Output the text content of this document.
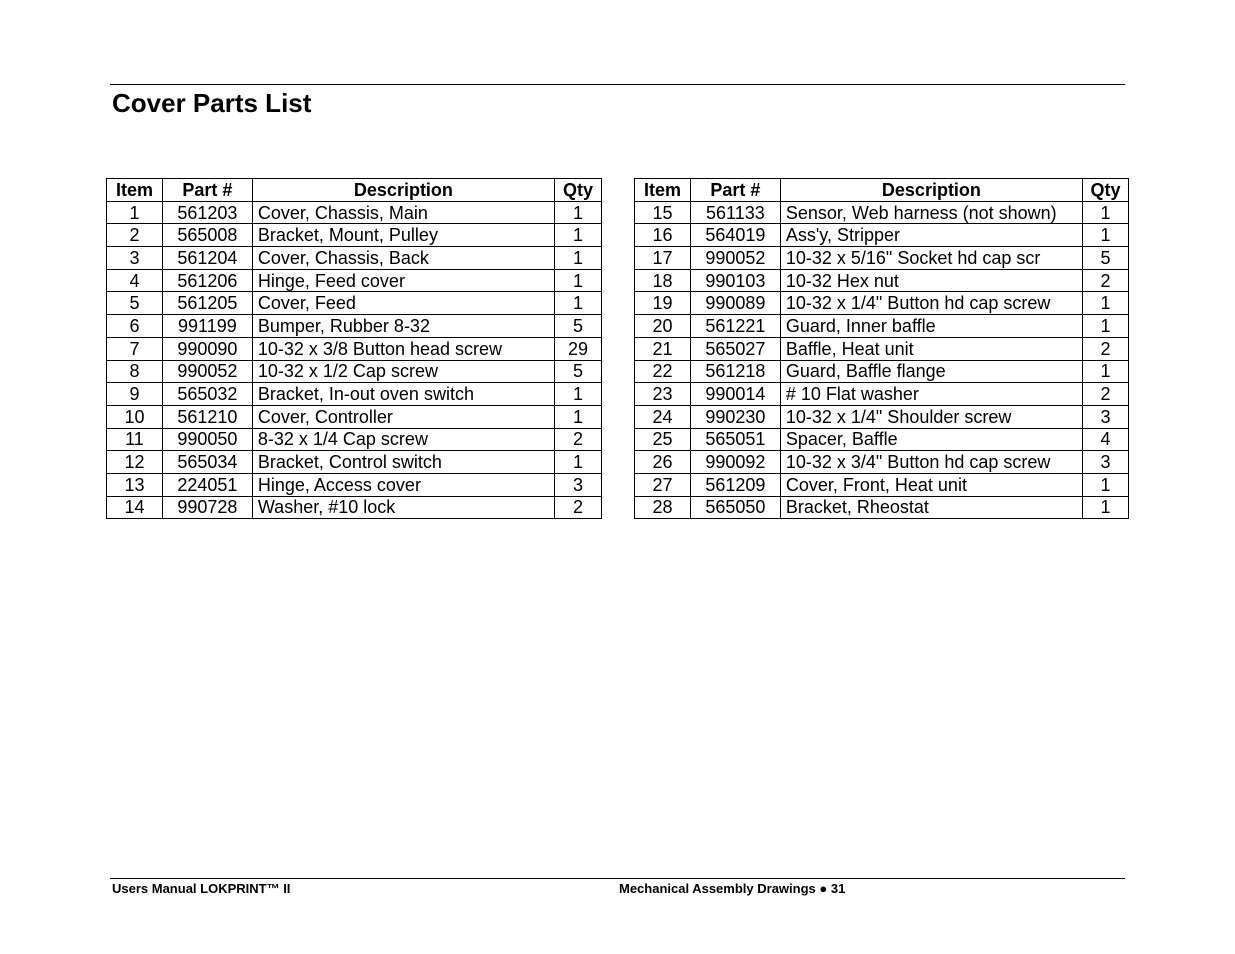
Cover Parts List
Item	Part #	Description	Qty
1	561203	Cover, Chassis, Main	1
2	565008	Bracket, Mount, Pulley	1
3	561204	Cover, Chassis, Back	1
4	561206	Hinge, Feed cover	1
5	561205	Cover, Feed	1
6	991199	Bumper, Rubber 8-32	5
7	990090	10-32 x 3/8 Button head screw	29
8	990052	10-32 x 1/2 Cap screw	5
9	565032	Bracket, In-out oven switch	1
10	561210	Cover, Controller	1
11	990050	8-32 x 1/4 Cap screw	2
12	565034	Bracket, Control switch	1
13	224051	Hinge, Access cover	3
14	990728	Washer, #10 lock	2
Item	Part #	Description	Qty
15	561133	Sensor, Web harness (not shown)	1
16	564019	Ass'y, Stripper	1
17	990052	10-32 x 5/16" Socket hd cap scr	5
18	990103	10-32 Hex nut	2
19	990089	10-32 x 1/4" Button hd cap screw	1
20	561221	Guard, Inner baffle	1
21	565027	Baffle, Heat unit	2
22	561218	Guard, Baffle flange	1
23	990014	# 10 Flat washer	2
24	990230	10-32 x 1/4" Shoulder screw	3
25	565051	Spacer, Baffle	4
26	990092	10-32 x 3/4" Button hd cap screw	3
27	561209	Cover, Front, Heat unit	1
28	565050	Bracket, Rheostat	1
Users Manual LOKPRINT™ II	Mechanical Assembly Drawings ● 31
